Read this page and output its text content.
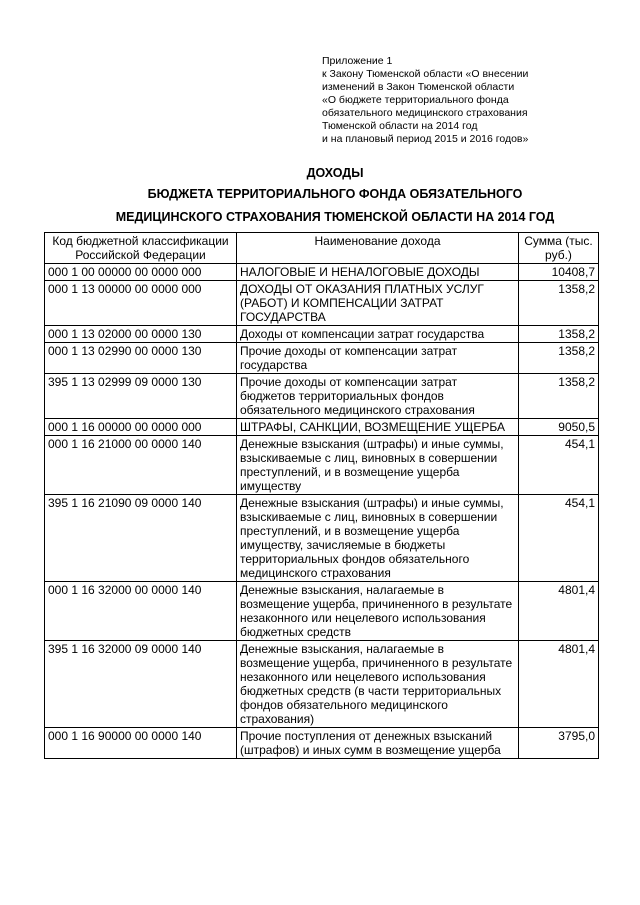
Приложение 1
к Закону Тюменской области «О внесении
изменений в Закон Тюменской области
«О бюджете территориального фонда
обязательного медицинского страхования
Тюменской области на 2014 год
и на плановый период 2015 и 2016 годов»
ДОХОДЫ
БЮДЖЕТА ТЕРРИТОРИАЛЬНОГО ФОНДА ОБЯЗАТЕЛЬНОГО
МЕДИЦИНСКОГО СТРАХОВАНИЯ ТЮМЕНСКОЙ ОБЛАСТИ НА 2014 ГОД
Код бюджетной классификации Российской Федерации	Наименование дохода	Сумма (тыс. руб.)
000 1 00 00000 00 0000 000	НАЛОГОВЫЕ И НЕНАЛОГОВЫЕ ДОХОДЫ	10408,7
000 1 13 00000 00 0000 000	ДОХОДЫ ОТ ОКАЗАНИЯ ПЛАТНЫХ УСЛУГ (РАБОТ) И КОМПЕНСАЦИИ ЗАТРАТ ГОСУДАРСТВА	1358,2
000 1 13 02000 00 0000 130	Доходы от компенсации затрат государства	1358,2
000 1 13 02990 00 0000 130	Прочие доходы от компенсации затрат государства	1358,2
395 1 13 02999 09 0000 130	Прочие доходы от компенсации затрат бюджетов территориальных фондов обязательного медицинского страхования	1358,2
000 1 16 00000 00 0000 000	ШТРАФЫ, САНКЦИИ, ВОЗМЕЩЕНИЕ УЩЕРБА	9050,5
000 1 16 21000 00 0000 140	Денежные взыскания (штрафы) и иные суммы, взыскиваемые с лиц, виновных в совершении преступлений, и в возмещение ущерба имуществу	454,1
395 1 16 21090 09 0000 140	Денежные взыскания (штрафы) и иные суммы, взыскиваемые с лиц, виновных в совершении преступлений, и в возмещение ущерба имуществу, зачисляемые в бюджеты территориальных фондов обязательного медицинского страхования	454,1
000 1 16 32000 00 0000 140	Денежные взыскания, налагаемые в возмещение ущерба, причиненного в результате незаконного или нецелевого использования бюджетных средств	4801,4
395 1 16 32000 09 0000 140	Денежные взыскания, налагаемые в возмещение ущерба, причиненного в результате незаконного или нецелевого использования бюджетных средств (в части территориальных фондов обязательного медицинского страхования)	4801,4
000 1 16 90000 00 0000 140	Прочие поступления от денежных взысканий (штрафов) и иных сумм в возмещение ущерба	3795,0
